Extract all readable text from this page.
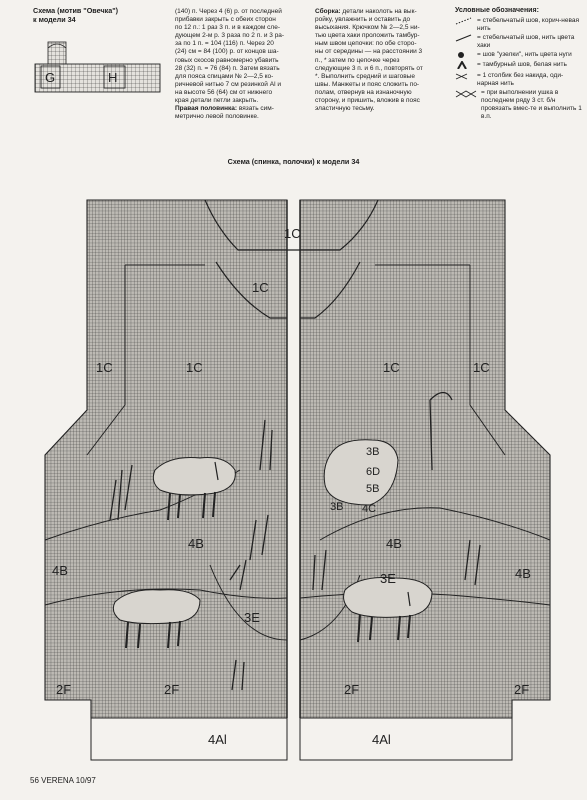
Схема (мотив "Овечка")
к модели 34

(140) п. Через 4 (6) р. от последней

прибавки закрыть с обеих сторон

по 12 п.: 1 раз 3 п. и в каждом сле-

дующем 2-м р. 3 раза по 2 п. и 3 ра-

за по 1 п. = 104 (116) п. Через 20

(24) см = 84 (100) р. от концов ша-

говых скосов равномерно убавить

28 (32) п. = 76 (84) п. Затем вязать

для пояса спицами № 2—2,5 ко-

ричневой нитью 7 см резинкой Al и

на высоте 56 (64) см от нижнего

края детали петли закрыть.

Правая половинка: вязать сим-

метрично левой половинке.

Сборка: детали наколоть на вык-

ройку, увлажнить и оставить до

высыхания. Крючком № 2—2,5 ни-

тью цвета хаки проложить тамбур-

ным швом цепочки: по обе сторо-

ны от середины — на расстоянии 3

п., * затем по цепочке через

следующие 3 п. и 6 п., повторять от

*. Выполнить средний и шаговые

швы. Манжеты и пояс сложить по-

полам, отвернув на изнаночную

сторону, и пришить, вложив в пояс

эластичную тесьму.

Условные обозначения:

= стебельчатый шов, корич-невая нить
= стебельчатый шов, нить цвета хаки
= шов "узелки", нить цвета нуги
= тамбурный шов, белая нить
= 1 столбик без накида, оди-нарная нить
= при выполнении ушка в последнем ряду 3 ст. б/н провязать вмес-те и выполнить 1 в.п.
Схема (спинка, полочки) к модели 34
56 VERENA 10/97
G	H
1C
1C
1C	1C	1C	1C
4B
4B	4B
4B
3B
3B 4C
6D
5B
3E
3E
2F	2F	2F	2F
4Al	4Al
